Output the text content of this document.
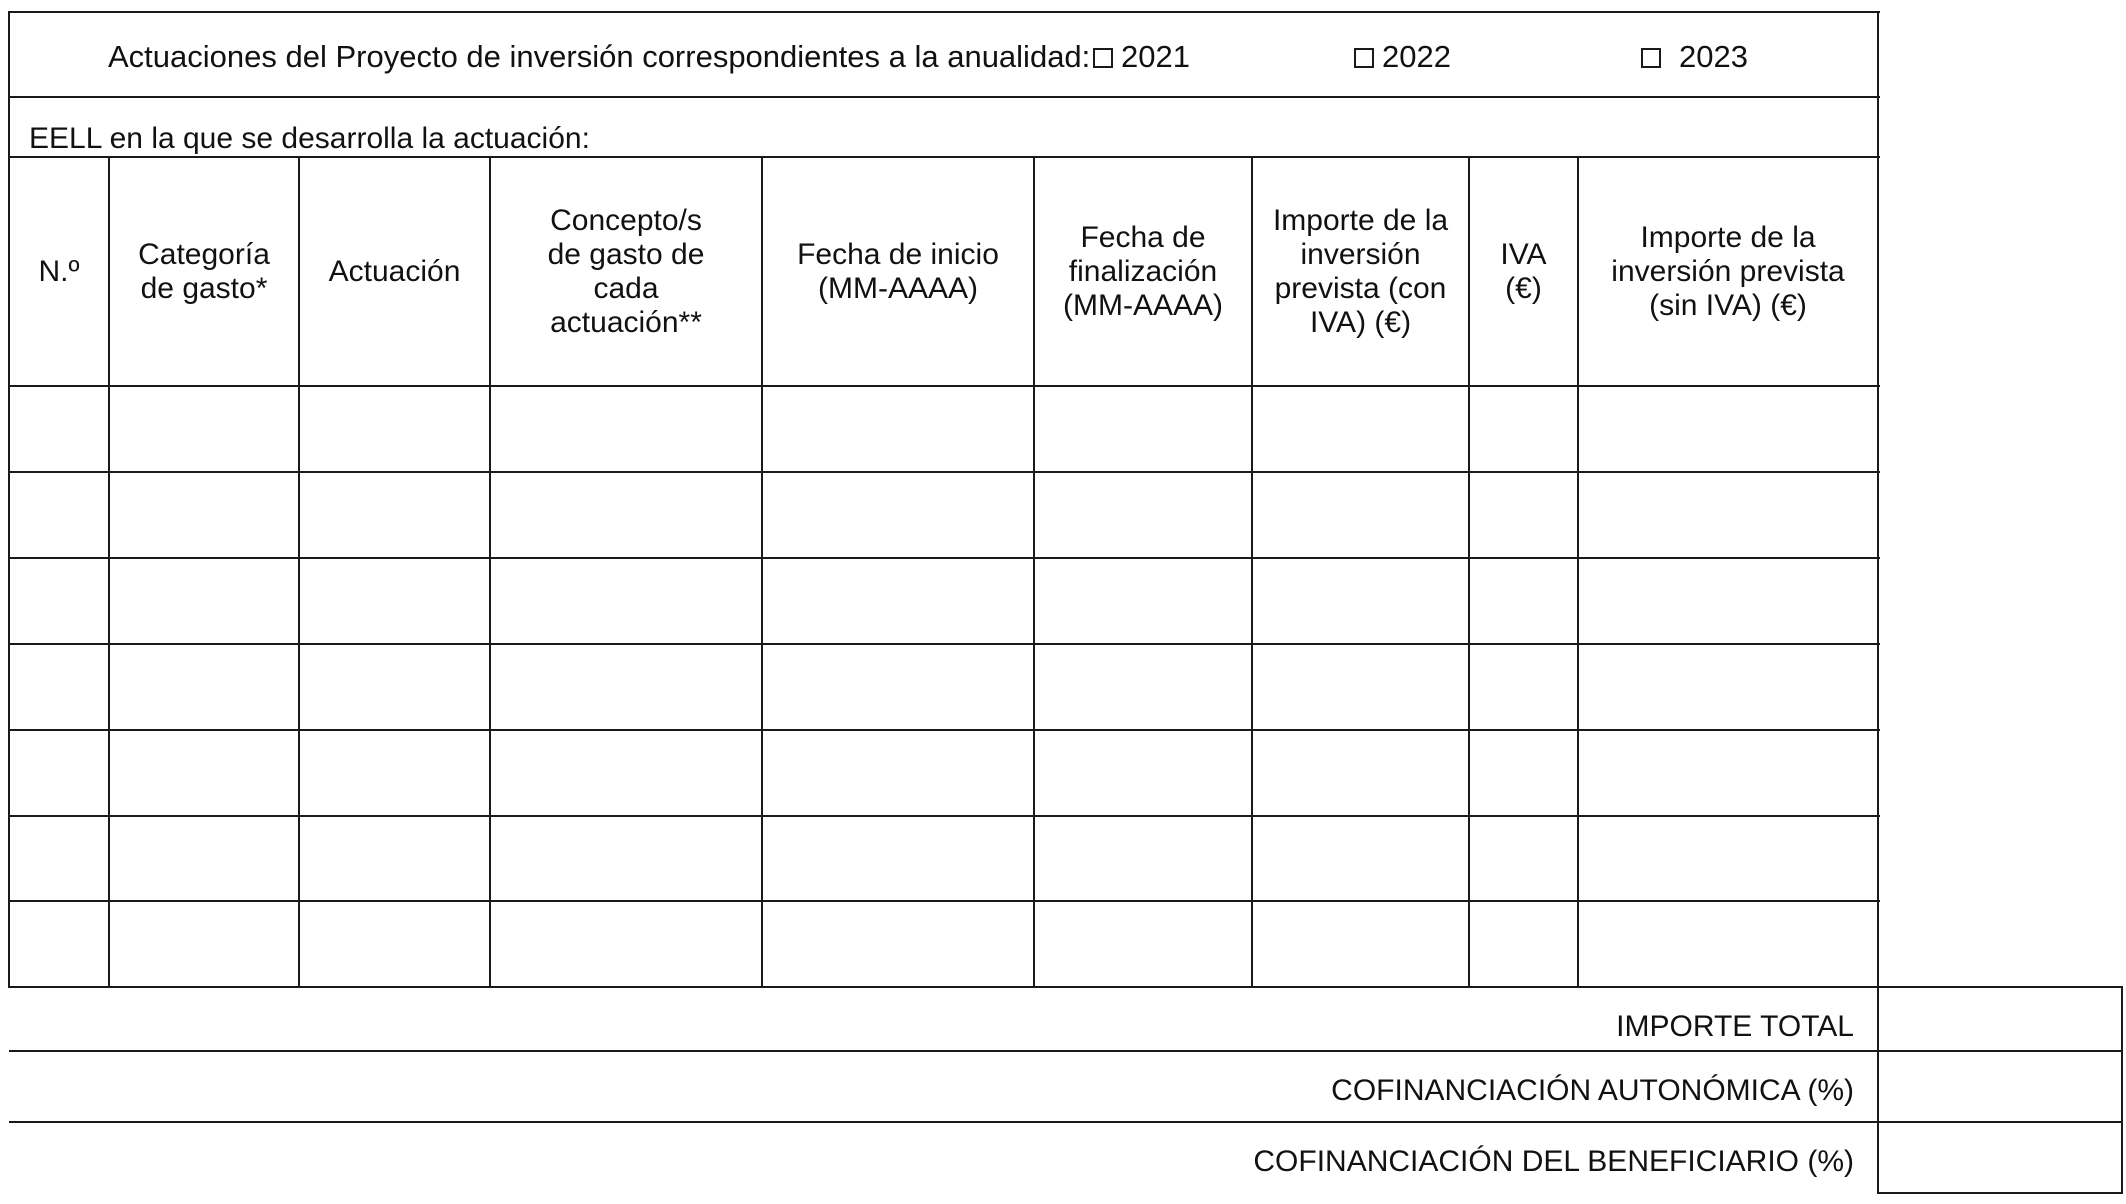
Actuaciones del Proyecto de inversión correspondientes a la anualidad: 2021	2022	2023
EELL en la que se desarrolla la actuación:
N.º
Categoría de gasto*
Actuación
Concepto/s de gasto de cada actuación**
Fecha de inicio (MM-AAAA)
Fecha de finalización (MM-AAAA)
Importe de la inversión prevista (con IVA) (€)
IVA (€)
Importe de la inversión prevista (sin IVA) (€)
IMPORTE TOTAL
COFINANCIACIÓN AUTONÓMICA (%)
COFINANCIACIÓN DEL BENEFICIARIO (%)
